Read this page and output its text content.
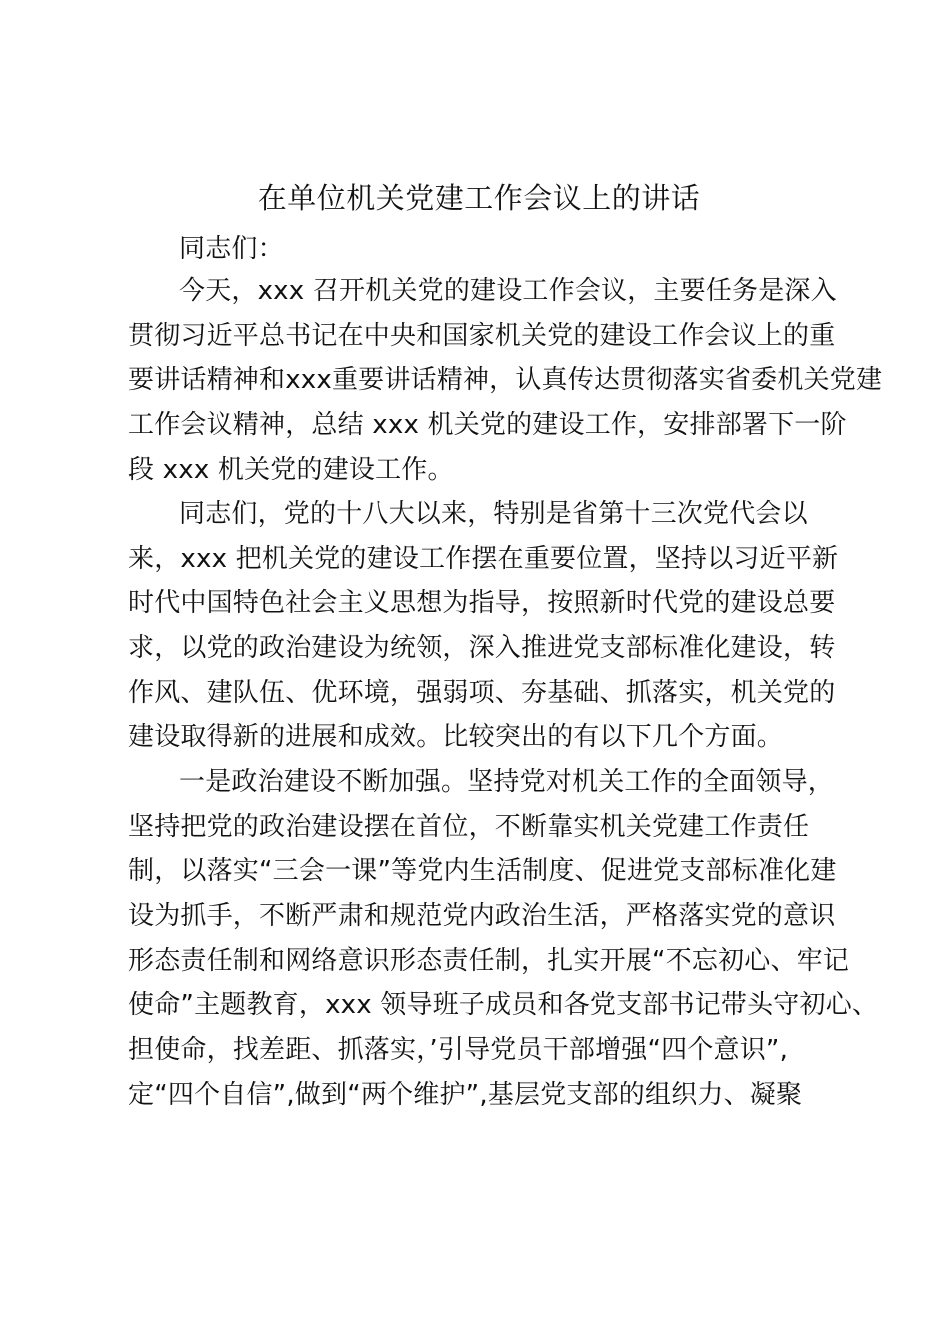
在单位机关党建工作会议上的讲话
同志们：
今天，xxx 召开机关党的建设工作会议，主要任务是深入
贯彻习近平总书记在中央和国家机关党的建设工作会议上的重
要讲话精神和xxx重要讲话精神，认真传达贯彻落实省委机关党建
工作会议精神，总结 xxx 机关党的建设工作，安排部署下一阶
段 xxx 机关党的建设工作。
同志们，党的十八大以来，特别是省第十三次党代会以
来，xxx 把机关党的建设工作摆在重要位置，坚持以习近平新
时代中国特色社会主义思想为指导，按照新时代党的建设总要
求，以党的政治建设为统领，深入推进党支部标准化建设，转
作风、建队伍、优环境，强弱项、夯基础、抓落实，机关党的
建设取得新的进展和成效。比较突出的有以下几个方面。
一是政治建设不断加强。坚持党对机关工作的全面领导，
坚持把党的政治建设摆在首位，不断靠实机关党建工作责任
制，以落实“三会一课”等党内生活制度、促进党支部标准化建
设为抓手，不断严肃和规范党内政治生活，严格落实党的意识
形态责任制和网络意识形态责任制，扎实开展“不忘初心、牢记
使命”主题教育，xxx 领导班子成员和各党支部书记带头守初心、
担使命，找差距、抓落实，’引导党员干部增强“四个意识”,
定“四个自信”,做到“两个维护”,基层党支部的组织力、凝聚
